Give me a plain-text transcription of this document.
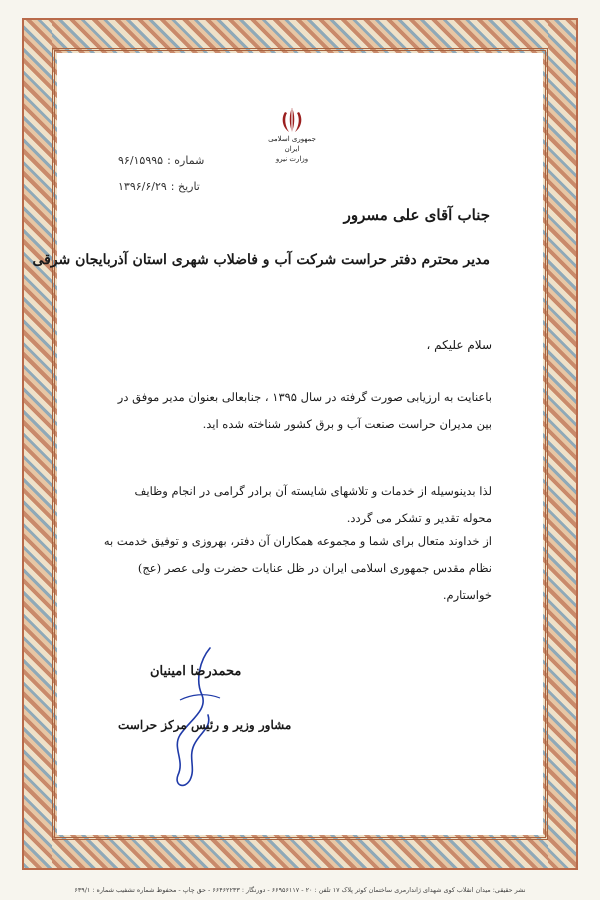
جمهوری اسلامی ایران
وزارت نیرو
شماره :۹۶/۱۵۹۹۵
تاریخ :۱۳۹۶/۶/۲۹
جناب آقای علی مسرور
مدیر محترم دفتر حراست شرکت آب و فاضلاب شهری استان آذربایجان شرقی
سلام علیکم ،
باعنایت به ارزیابی صورت گرفته در سال ۱۳۹۵ ، جنابعالی بعنوان مدیر موفق در بین مدیران حراست صنعت آب و برق کشور شناخته شده اید.
لذا بدینوسیله از خدمات و تلاشهای شایسته آن برادر گرامی در انجام وظایف محوله تقدیر و تشکر می گردد.
از خداوند متعال برای شما و مجموعه همکاران آن دفتر، بهروزی و توفیق خدمت به نظام مقدس جمهوری اسلامی ایران در ظل عنایات حضرت ولی عصر (عج) خواستارم.
محمدرضا امینیان
مشاور وزیر و رئیس مرکز حراست
نشر حقیقی: میدان انقلاب کوی شهدای ژاندارمری ساختمان کوثر پلاک ۱۷ تلفن : ۲۰ - ۶۶۹۵۶۱۱۷ - دورنگار : ۶۶۴۶۲۲۳۳ - حق چاپ - محفوظ شماره تشفیب شماره : ۶۳۹/۱
